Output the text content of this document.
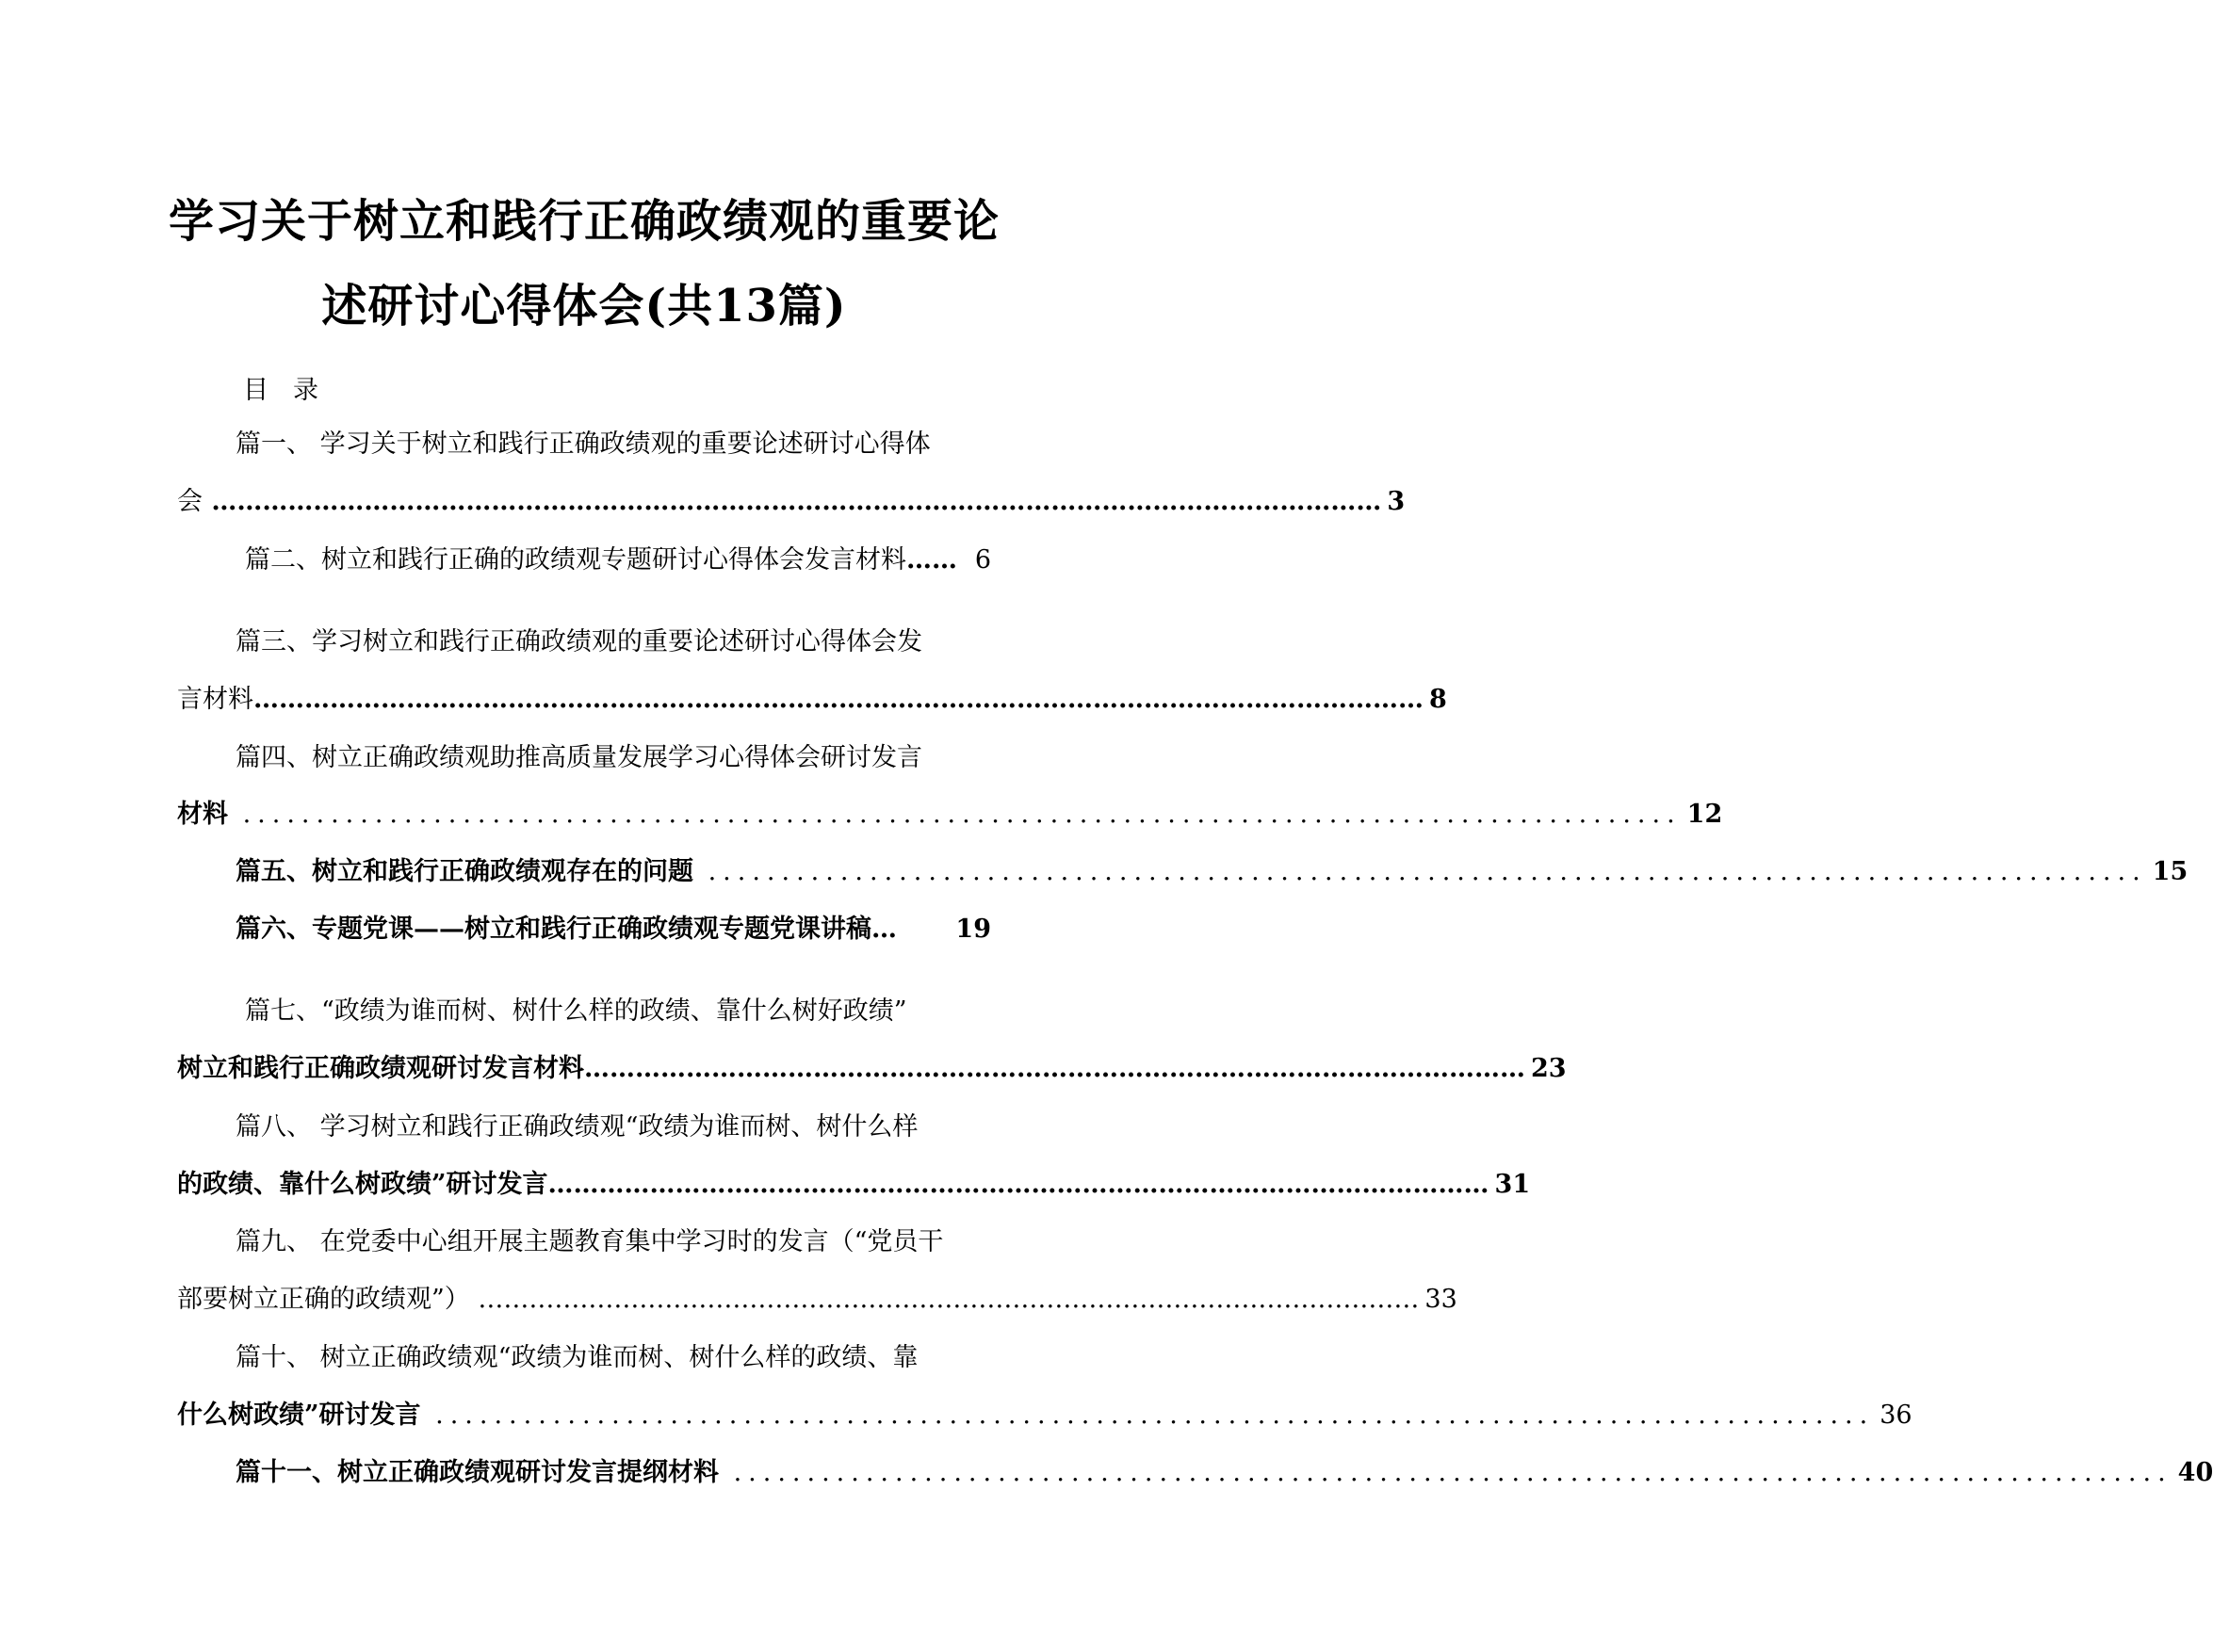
学习关于树立和践行正确政绩观的重要论
述研讨心得体会(共13篇)
目录
篇一、 学习关于树立和践行正确政绩观的重要论述研讨心得体
会 ………………………………………………………………………………………………………………………… 3
篇二、树立和践行正确的政绩观专题研讨心得体会发言材料 …… 6
篇三、学习树立和践行正确政绩观的重要论述研讨心得体会发
言材料 ………………………………………………………………………………………………………………………… 8
篇四、树立正确政绩观助推高质量发展学习心得体会研讨发言
材料 .................................................................................................. 12
篇五、树立和践行正确政绩观存在的问题 .................................................................................................. 15
篇六、专题党课——树立和践行正确政绩观专题党课讲稿 …	19
篇七、“政绩为谁而树、树什么样的政绩、靠什么树好政绩”
树立和践行正确政绩观研讨发言材料 ………………………………………………………………………………………………… 23
篇八、 学习树立和践行正确政绩观“政绩为谁而树、树什么样
的政绩、靠什么树政绩”研讨发言 ………………………………………………………………………………………………… 31
篇九、 在党委中心组开展主题教育集中学习时的发言（“党员干
部要树立正确的政绩观”） ………………………………………………………………………………………………… 33
篇十、 树立正确政绩观“政绩为谁而树、树什么样的政绩、靠
什么树政绩”研讨发言 .................................................................................................. 36
篇十一、树立正确政绩观研讨发言提纲材料 .................................................................................................. 40
